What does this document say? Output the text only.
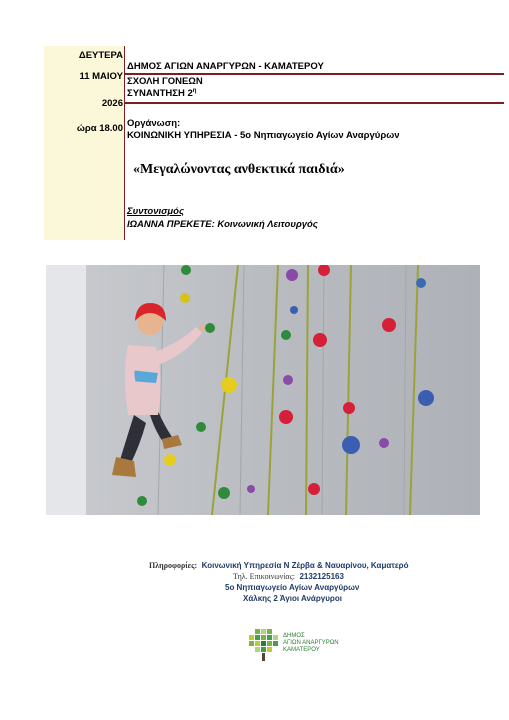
ΔΕΥΤΕΡΑ
11 ΜΑΙΟΥ
2026
ώρα 18.00
ΔΗΜΟΣ ΑΓΙΩΝ ΑΝΑΡΓΥΡΩΝ - ΚΑΜΑΤΕΡΟΥ
ΣΧΟΛΗ ΓΟΝΕΩΝ
ΣΥΝΑΝΤΗΣΗ $2^\eta$
Οργάνωση:
ΚΟΙΝΩΝΙΚΗ ΥΠΗΡΕΣΙΑ - 5ο Νηπιαγωγείο Αγίων Αναργύρων
«Μεγαλώνοντας ανθεκτικά παιδιά»
Συντονισμός
ΙΩΑΝΝΑ ΠΡΕΚΕΤΕ: Κοινωνική Λειτουργός
Πληροφορίες: Κοινωνική Υπηρεσία Ν Ζέρβα & Ναυαρίνου, Καματερό
Τηλ. Επικοινωνίας: 2132125163
5ο Νηπιαγωγείο Αγίων Αναργύρων
Χάλκης 2 Άγιοι Ανάργυροι
ΔΗΜΟΣ
ΑΓΙΩΝ ΑΝΑΡΓΥΡΩΝ
ΚΑΜΑΤΕΡΟΥ
